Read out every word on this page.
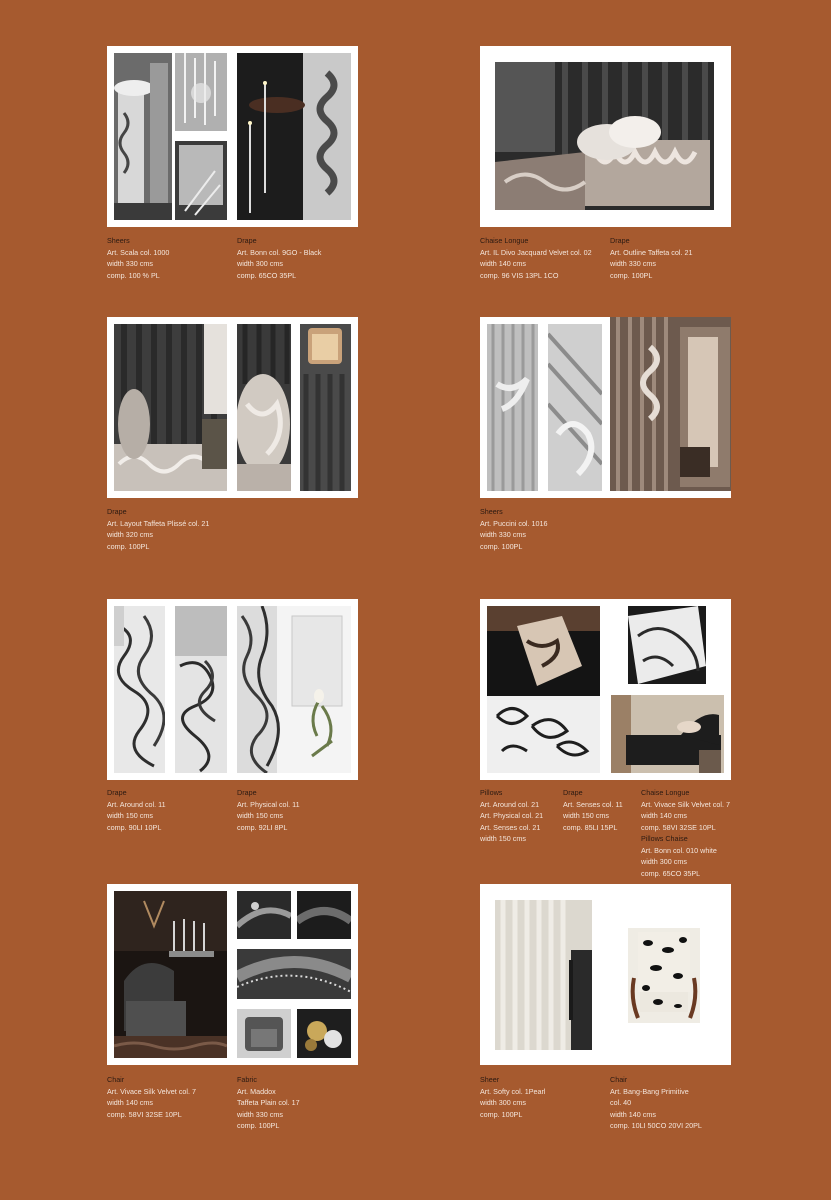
Sheers
Art. Scala col. 1000
width 330 cms
comp. 100 % PL
Drape
Art. Bonn col. 9GO - Black
width 300 cms
comp. 65CO 35PL
Chaise Longue
Art. IL Divo Jacquard Velvet col. 02
width 140 cms
comp. 96 VIS 13PL 1CO
Drape
Art. Outline Taffeta col. 21
width 330 cms
comp. 100PL
Drape
Art. Layout Taffeta Plissé col. 21
width 320 cms
comp. 100PL
Sheers
Art. Puccini col. 1016
width 330 cms
comp. 100PL
Drape
Art. Around col. 11
width 150 cms
comp. 90LI 10PL
Drape
Art. Physical col. 11
width 150 cms
comp. 92LI 8PL
Pillows
Art. Around col. 21
Art. Physical col. 21
Art. Senses col. 21
width 150 cms
Drape
Art. Senses col. 11
width 150 cms
comp. 85LI 15PL
Chaise Longue
Art. Vivace Silk Velvet col. 7
width 140 cms
comp. 58VI 32SE 10PL
Pillows Chaise
Art. Bonn col. 010 white
width 300 cms
comp. 65CO 35PL
Chair
Art. Vivace Silk Velvet col. 7
width 140 cms
comp. 58VI 32SE 10PL
Fabric
Art. Maddox
Taffeta Plain col. 17
width 330 cms
comp. 100PL
Sheer
Art. Softy col. 1Pearl
width 300 cms
comp. 100PL
Chair
Art. Bang-Bang Primitive
col. 40
width 140 cms
comp. 10LI 50CO 20VI 20PL
